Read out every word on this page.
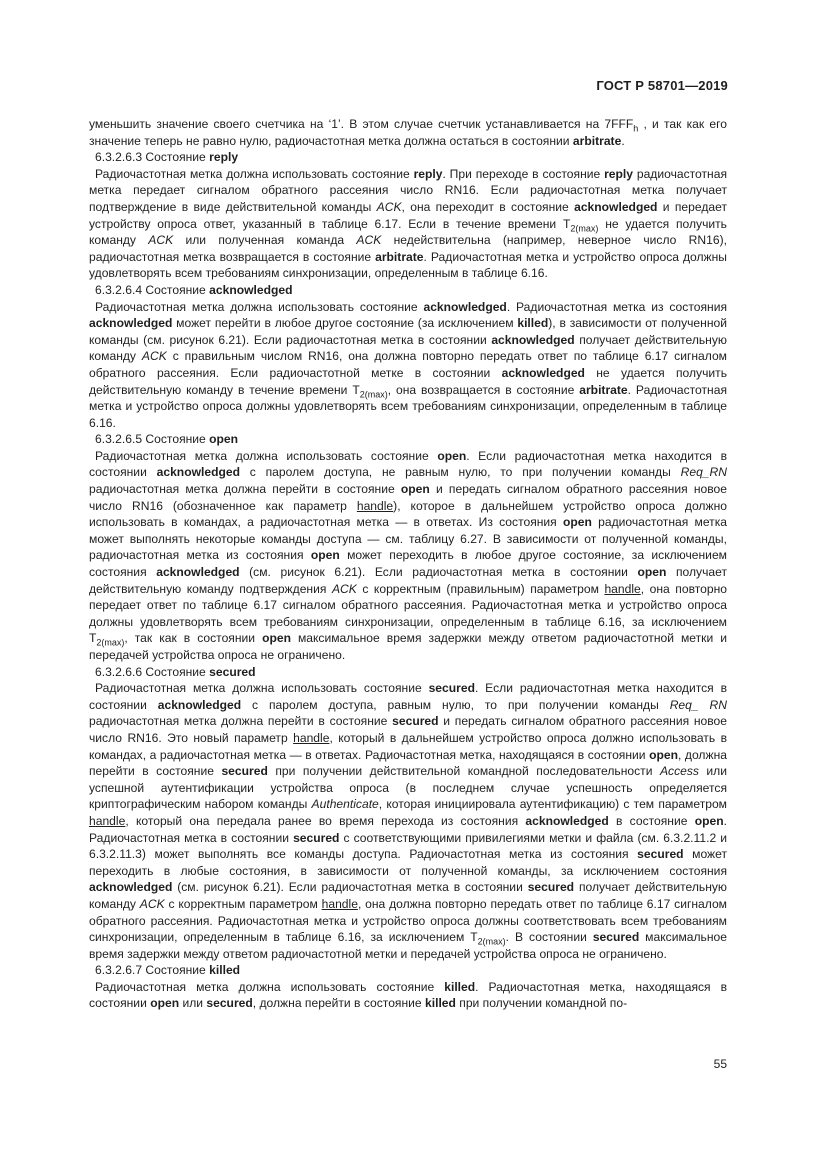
ГОСТ Р 58701—2019

уменьшить значение своего счетчика на ‘1’. В этом случае счетчик устанавливается на $7FFF_h$ , и так как его значение теперь не равно нулю, радиочастотная метка должна остаться в состоянии arbitrate.

6.3.2.6.3 Состояние reply

Радиочастотная метка должна использовать состояние reply. При переходе в состояние reply радиочастотная метка передает сигналом обратного рассеяния число RN16. Если радиочастотная метка получает подтверждение в виде действительной команды ACK, она переходит в состояние acknowledged и передает устройству опроса ответ, указанный в таблице 6.17. Если в течение времени $T_{2(max)}$ не удается получить команду ACK или полученная команда ACK недействительна (например, неверное число RN16), радиочастотная метка возвращается в состояние arbitrate. Радиочастотная метка и устройство опроса должны удовлетворять всем требованиям синхронизации, определенным в таблице 6.16.

6.3.2.6.4 Состояние acknowledged

Радиочастотная метка должна использовать состояние acknowledged. Радиочастотная метка из состояния acknowledged может перейти в любое другое состояние (за исключением killed), в зависимости от полученной команды (см. рисунок 6.21). Если радиочастотная метка в состоянии acknowledged получает действительную команду ACK с правильным числом RN16, она должна повторно передать ответ по таблице 6.17 сигналом обратного рассеяния. Если радиочастотной метке в состоянии acknowledged не удается получить действительную команду в течение времени $T_{2(max)}$, она возвращается в состояние arbitrate. Радиочастотная метка и устройство опроса должны удовлетворять всем требованиям синхронизации, определенным в таблице 6.16.

6.3.2.6.5 Состояние open

Радиочастотная метка должна использовать состояние open. Если радиочастотная метка находится в состоянии acknowledged с паролем доступа, не равным нулю, то при получении команды Req_RN радиочастотная метка должна перейти в состояние open и передать сигналом обратного рассеяния новое число RN16 (обозначенное как параметр handle), которое в дальнейшем устройство опроса должно использовать в командах, а радиочастотная метка — в ответах. Из состояния open радиочастотная метка может выполнять некоторые команды доступа — см. таблицу 6.27. В зависимости от полученной команды, радиочастотная метка из состояния open может переходить в любое другое состояние, за исключением состояния acknowledged (см. рисунок 6.21). Если радиочастотная метка в состоянии open получает действительную команду подтверждения ACK с корректным (правильным) параметром handle, она повторно передает ответ по таблице 6.17 сигналом обратного рассеяния. Радиочастотная метка и устройство опроса должны удовлетворять всем требованиям синхронизации, определенным в таблице 6.16, за исключением $T_{2(max)}$, так как в состоянии open максимальное время задержки между ответом радиочастотной метки и передачей устройства опроса не ограничено.

6.3.2.6.6 Состояние secured

Радиочастотная метка должна использовать состояние secured. Если радиочастотная метка находится в состоянии acknowledged с паролем доступа, равным нулю, то при получении команды Req_ RN радиочастотная метка должна перейти в состояние secured и передать сигналом обратного рассеяния новое число RN16. Это новый параметр handle, который в дальнейшем устройство опроса должно использовать в командах, а радиочастотная метка — в ответах. Радиочастотная метка, находящаяся в состоянии open, должна перейти в состояние secured при получении действительной командной последовательности Access или успешной аутентификации устройства опроса (в последнем случае успешность определяется криптографическим набором команды Authenticate, которая инициировала аутентификацию) с тем параметром handle, который она передала ранее во время перехода из состояния acknowledged в состояние open. Радиочастотная метка в состоянии secured с соответствующими привилегиями метки и файла (см. 6.3.2.11.2 и 6.3.2.11.3) может выполнять все команды доступа. Радиочастотная метка из состояния secured может переходить в любые состояния, в зависимости от полученной команды, за исключением состояния acknowledged (см. рисунок 6.21). Если радиочастотная метка в состоянии secured получает действительную команду ACK с корректным параметром handle, она должна повторно передать ответ по таблице 6.17 сигналом обратного рассеяния. Радиочастотная метка и устройство опроса должны соответствовать всем требованиям синхронизации, определенным в таблице 6.16, за исключением $T_{2(max)}$. В состоянии secured максимальное время задержки между ответом радиочастотной метки и передачей устройства опроса не ограничено.

6.3.2.6.7 Состояние killed

Радиочастотная метка должна использовать состояние killed. Радиочастотная метка, находящаяся в состоянии open или secured, должна перейти в состояние killed при получении командной по-

55
